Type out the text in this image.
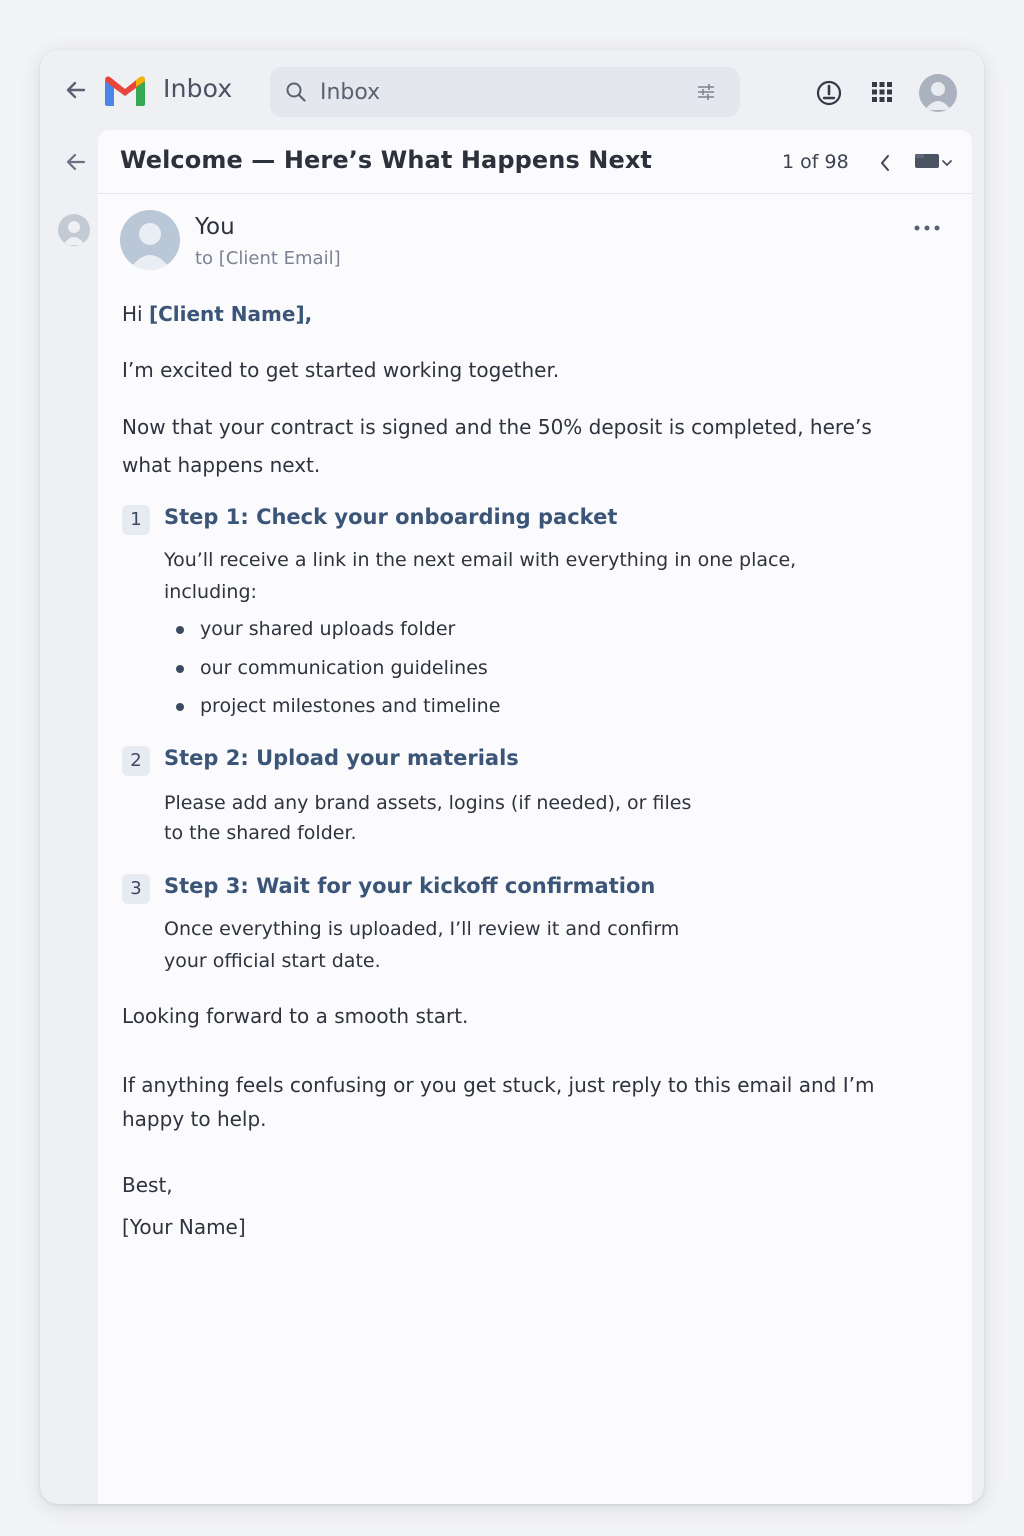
Inbox
Inbox
Welcome — Here’s What Happens Next	1 of 98
You
to [Client Email]
Hi [Client Name],
I’m excited to get started working together.
Now that your contract is signed and the 50% deposit is completed, here’s what happens next.
1	Step 1: Check your onboarding packet
You’ll receive a link in the next email with everything in one place, including:
your shared uploads folder
our communication guidelines
project milestones and timeline
2	Step 2: Upload your materials
Please add any brand assets, logins (if needed), or files
to the shared folder.
3	Step 3: Wait for your kickoff confirmation
Once everything is uploaded, I’ll review it and confirm
your official start date.
Looking forward to a smooth start.
If anything feels confusing or you get stuck, just reply to this email and I’m happy to help.
Best,
[Your Name]
